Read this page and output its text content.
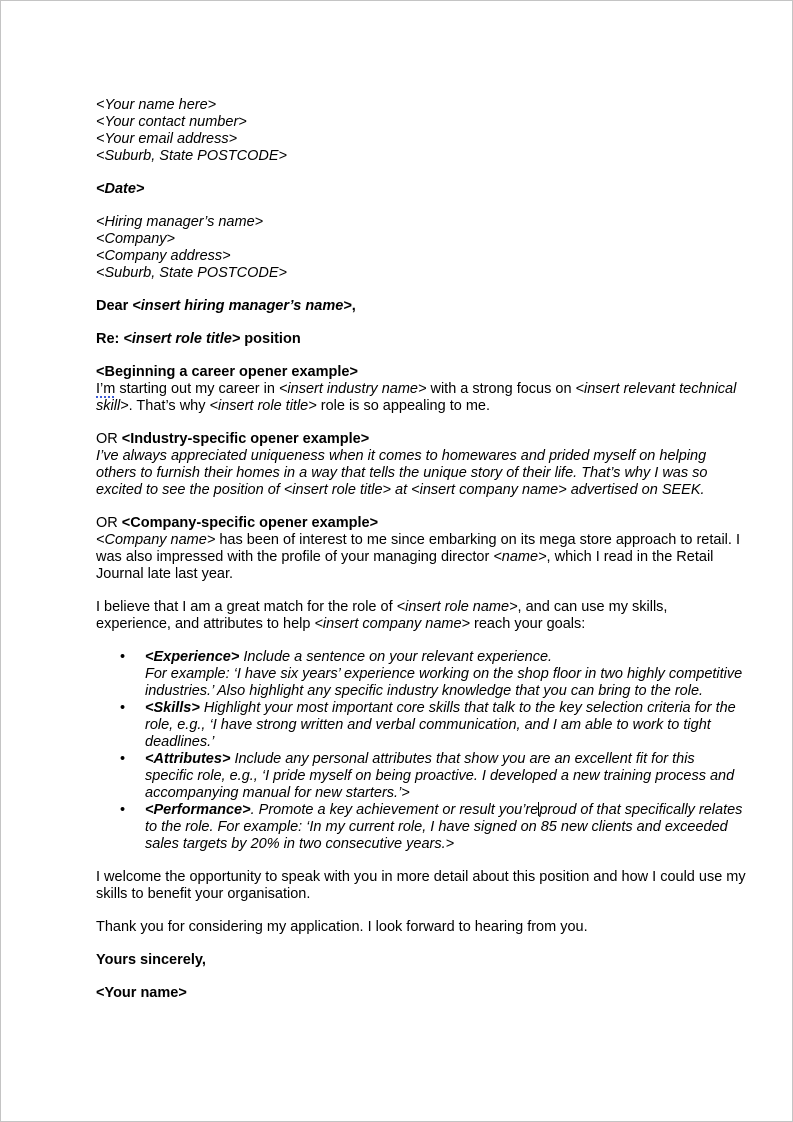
<Your name here>
<Your contact number>
<Your email address>
<Suburb, State POSTCODE>

<Date>

<Hiring manager’s name>
<Company>
<Company address>
<Suburb, State POSTCODE>

Dear <insert hiring manager’s name>,

Re: <insert role title> position

<Beginning a career opener example>
I’m starting out my career in <insert industry name> with a strong focus on <insert relevant technical skill>. That’s why <insert role title> role is so appealing to me.

OR <Industry-specific opener example>
I’ve always appreciated uniqueness when it comes to homewares and prided myself on helping others to furnish their homes in a way that tells the unique story of their life. That’s why I was so excited to see the position of <insert role title> at <insert company name> advertised on SEEK.

OR <Company-specific opener example>
<Company name> has been of interest to me since embarking on its mega store approach to retail. I was also impressed with the profile of your managing director <name>, which I read in the Retail Journal late last year.

I believe that I am a great match for the role of <insert role name>, and can use my skills, experience, and attributes to help <insert company name> reach your goals:

• <Experience> Include a sentence on your relevant experience.
For example: ‘I have six years’ experience working on the shop floor in two highly competitive industries.’ Also highlight any specific industry knowledge that you can bring to the role.
• <Skills> Highlight your most important core skills that talk to the key selection criteria for the role, e.g., ‘I have strong written and verbal communication, and I am able to work to tight deadlines.’
• <Attributes> Include any personal attributes that show you are an excellent fit for this specific role, e.g., ‘I pride myself on being proactive. I developed a new training process and accompanying manual for new starters.’>
• <Performance>. Promote a key achievement or result you’reproud of that specifically relates to the role. For example: ‘In my current role, I have signed on 85 new clients and exceeded sales targets by 20% in two consecutive years.>

I welcome the opportunity to speak with you in more detail about this position and how I could use my skills to benefit your organisation.

Thank you for considering my application. I look forward to hearing from you.

Yours sincerely,

<Your name>
